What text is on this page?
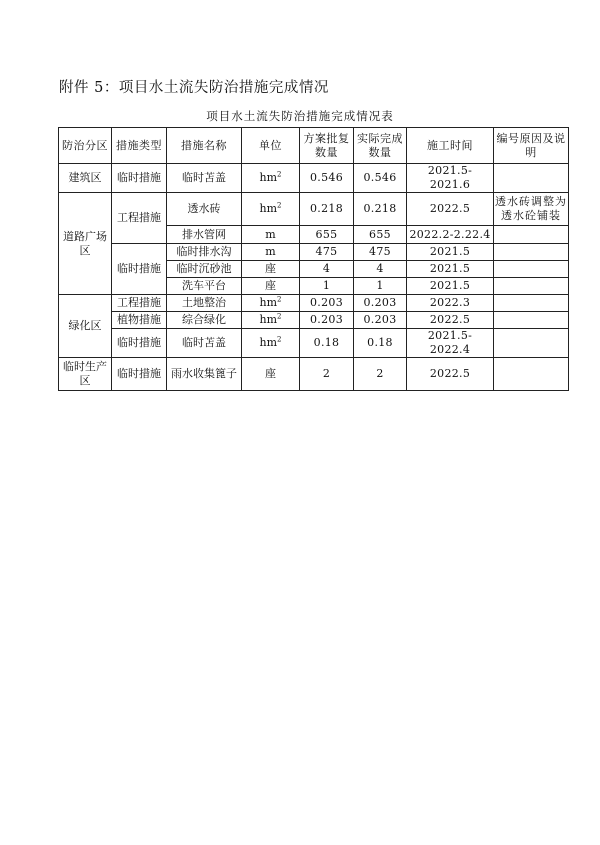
附件 5：项目水土流失防治措施完成情况
项目水土流失防治措施完成情况表
防治分区	措施类型	措施名称	单位	方案批复数量	实际完成数量	施工时间	编号原因及说明
建筑区	临时措施	临时苫盖	$hm^2$	0.546	0.546	2021.5-2021.6	
道路广场区	工程措施	透水砖	$hm^2$	0.218	0.218	2022.5	透水砖调整为透水砼铺装
		排水管网	m	655	655	2022.2-2.22.4	
	临时措施	临时排水沟	m	475	475	2021.5	
		临时沉砂池	座	4	4	2021.5	
		洗车平台	座	1	1	2021.5	
绿化区	工程措施	土地整治	$hm^2$	0.203	0.203	2022.3	
	植物措施	综合绿化	$hm^2$	0.203	0.203	2022.5	
	临时措施	临时苫盖	$hm^2$	0.18	0.18	2021.5-2022.4	
临时生产区	临时措施	雨水收集篦子	座	2	2	2022.5	
